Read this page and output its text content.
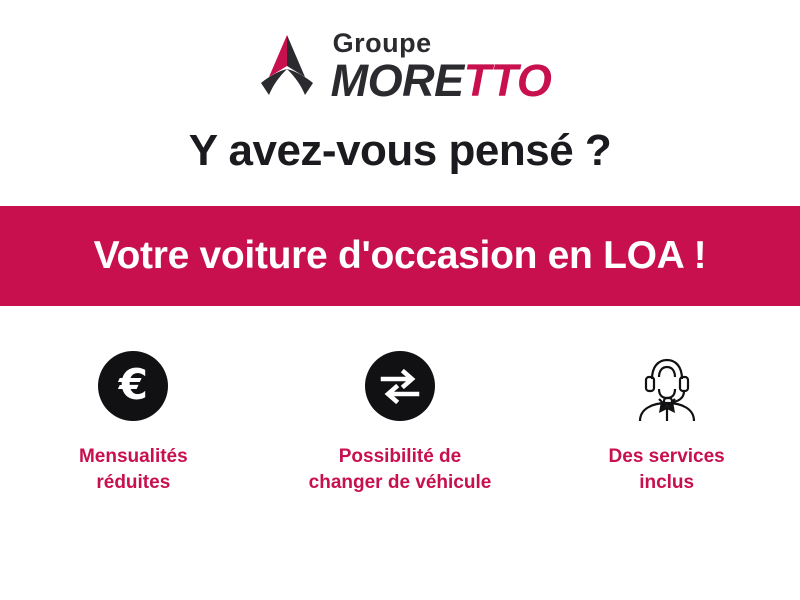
Groupe
MORETTO
Y avez-vous pensé ?
Votre voiture d'occasion en LOA !
€
Mensualités
réduites
Possibilité de
changer de véhicule
Des services
inclus
